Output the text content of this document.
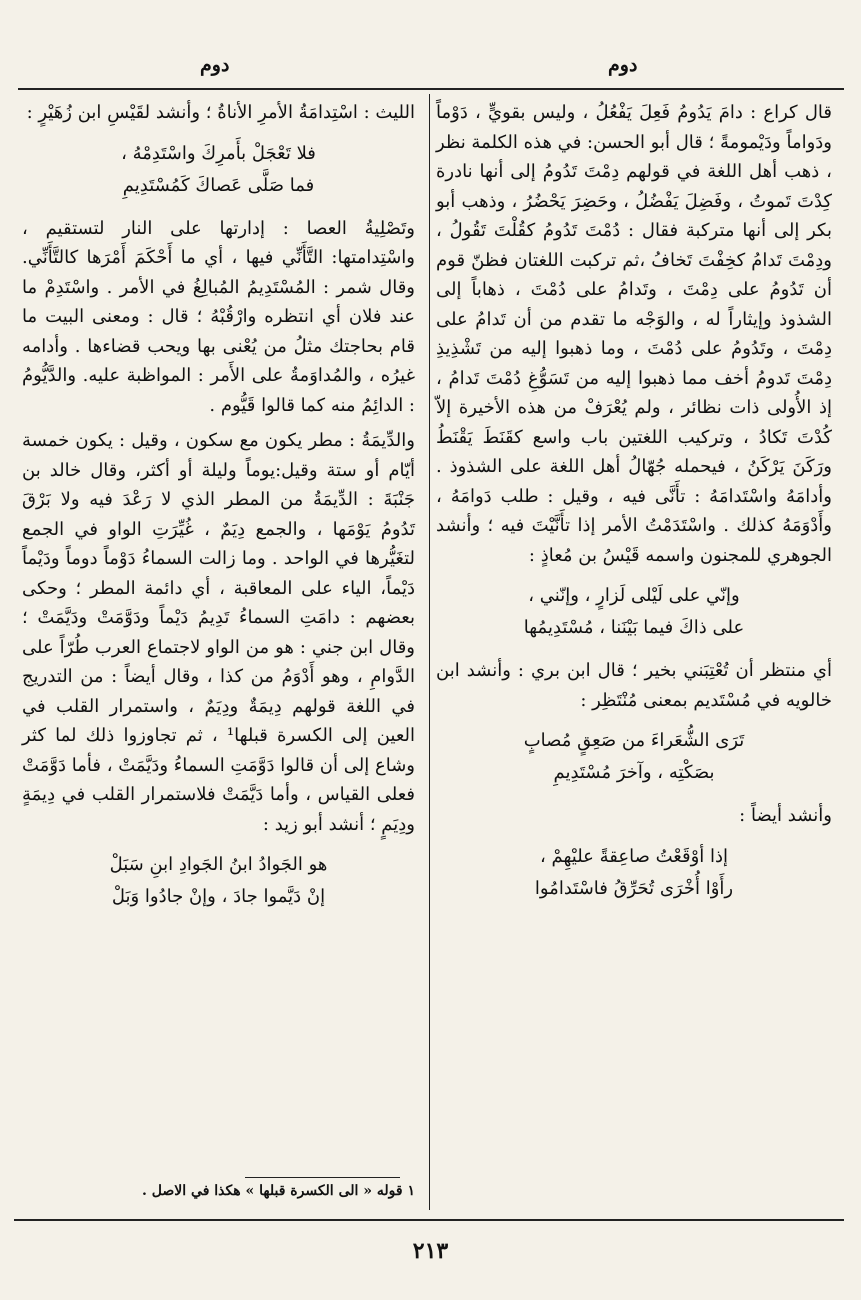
دوم	دوم

قال كراع : دامَ يَدُومُ فَعِلَ يَفْعُلُ ، وليس بقويٍّ ، دَوْماً ودَواماً ودَيْمومةً ؛ قال أبو الحسن: في هذه الكلمة نظر ، ذهب أهل اللغة في قولهم دِمْتَ تَدُومُ إلى أنها نادرة كِدْتَ تَموتُ ، وفَضِلَ يَفْضُلُ ، وحَضِرَ يَحْضُرُ ، وذهب أبو بكر إلى أنها متركبة فقال : دُمْتَ تَدُومُ كقُلْتَ تَقُولُ ، ودِمْتَ تَدامُ كخِفْتَ تَخافُ ،ثم تركبت اللغتان فظنّ قوم أن تَدُومُ على دِمْتَ ، وتَدامُ على دُمْتَ ، ذهاباً إلى الشذوذ وإيثاراً له ، والوَجْه ما تقدم من أن تَدامُ على دِمْتَ ، وتَدُومُ على دُمْتَ ، وما ذهبوا إليه من تَشْذِيذِ دِمْتَ تَدومُ أخف مما ذهبوا إليه من تَسَوُّغِ دُمْتَ تَدامُ ، إذ الأُولى ذات نظائر ، ولم يُعْرَفْ من هذه الأخيرة إلاّ كُدْتَ تَكادُ ، وتركيب اللغتين باب واسع كقَنَطَ يَقْنَطُ ورَكَنَ يَرْكَنُ ، فيحمله جُهّالُ أهل اللغة على الشذوذ . وأدامَهُ واسْتَدامَهُ : تأَنَّى فيه ، وقيل : طلب دَوامَهُ ، وأَدْوَمَهُ كذلك . واسْتَدَمْتُ الأمر إذا تأَنَّيْتَ فيه ؛ وأنشد الجوهري للمجنون واسمه قَيْسُ بن مُعاذٍ :

وإنّي على لَيْلى لَزارٍ ، وإنّني ،
على ذاكَ فيما بَيْنَنا ، مُسْتَدِيمُها

أي منتظر أن تُعْتِبَني بخير ؛ قال ابن بري : وأنشد ابن خالويه في مُسْتَديم بمعنى مُنْتَظِر :

تَرَى الشُّعَراءَ من صَعِقٍ مُصابٍ
بصَكْتِه ، وآخرَ مُسْتَدِيمِ

وأنشد أيضاً :

إذا أوْقَعْتُ صاعِقةً عليْهِمْ ،
رأَوْا أُخْرَى تُحَرِّقُ فاسْتَدامُوا

الليث : اسْتِدامَةُ الأمرِ الأناةُ ؛ وأنشد لقَيْسِ ابن زُهَيْرٍ :

فلا تَعْجَلْ بأَمرِكَ واسْتَدِمْهُ ،
فما صَلَّى عَصاكَ كَمُسْتَدِيمِ

وتَصْلِيةُ العصا : إدارتها على النار لتستقيم ، واسْتِدامتها: التَّأَنِّي فيها ، أي ما أَحْكَمَ أَمْرَها كالتَّأَنِّي. وقال شمر : المُسْتَدِيمُ المُبالِغُ في الأمر . واسْتَدِمْ ما عند فلان أي انتظره وارْقُبْهُ ؛ قال : ومعنى البيت ما قام بحاجتك مثلُ من يُعْنى بها ويحب قضاءها . وأدامه غيرُه ، والمُداوَمةُ على الأَمر : المواظبة عليه. والدَّيُّومُ : الدائِمُ منه كما قالوا قَيُّوم .

والدِّيمَةُ : مطر يكون مع سكون ، وقيل : يكون خمسة أيّام أو ستة وقيل:يوماً وليلة أو أكثر، وقال خالد بن جَنْبَةَ : الدِّيمَةُ من المطر الذي لا رَعْدَ فيه ولا بَرْقَ تَدُومُ يَوْمَها ، والجمع دِيَمٌ ، غُيِّرَتِ الواو في الجمع لتغَيُّرها في الواحد . وما زالت السماءُ دَوْماً دوماً ودَيْماً دَيْماً، الياء على المعاقبة ، أي دائمة المطر ؛ وحكى بعضهم : دامَتِ السماءُ تَدِيمُ دَيْماً ودَوَّمَتْ ودَيَّمَتْ ؛ وقال ابن جني : هو من الواو لاجتماع العرب طُرّاً على الدَّوامِ ، وهو أَدْوَمُ من كذا ، وقال أيضاً : من التدريج في اللغة قولهم دِيمَةٌ ودِيَمٌ ، واستمرار القلب في العين إلى الكسرة قبلها¹ ، ثم تجاوزوا ذلك لما كثر وشاع إلى أن قالوا دَوَّمَتِ السماءُ ودَيَّمَتْ ، فأما دَوَّمَتْ فعلى القياس ، وأما دَيَّمَتْ فلاستمرار القلب في دِيمَةٍ ودِيَمٍ ؛ أنشد أبو زيد :

هو الجَوادُ ابنُ الجَوادِ ابنِ سَبَلْ
إنْ دَيَّموا جادَ ، وإنْ جادُوا وَبَلْ
١ قوله « الى الكسرة قبلها » هكذا في الاصل .
٢١٣
